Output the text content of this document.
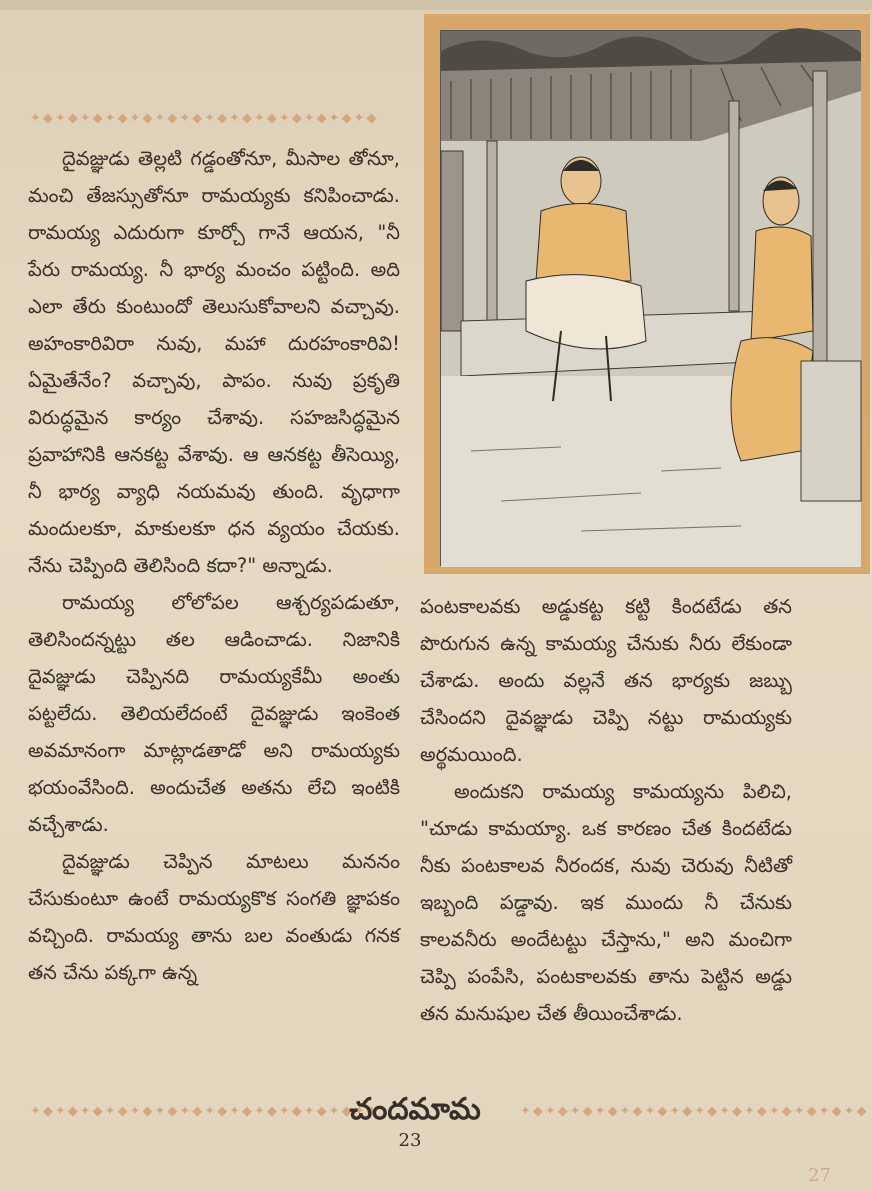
✦◆✦◆✦◆✦◆✦◆✦◆✦◆✦◆✦◆✦◆✦◆✦◆✦◆✦◆

దైవజ్ఞుడు తెల్లటి గడ్డంతోనూ, మీసాల తోనూ, మంచి తేజస్సుతోనూ రామయ్యకు కనిపించాడు. రామయ్య ఎదురుగా కూర్చో గానే ఆయన, "నీ పేరు రామయ్య. నీ భార్య మంచం పట్టింది. అది ఎలా తేరు కుంటుందో తెలుసుకోవాలని వచ్చావు. అహంకారివిరా నువు, మహా దురహంకారివి! ఏమైతేనేం? వచ్చావు, పాపం. నువు ప్రకృతి విరుద్ధమైన కార్యం చేశావు. సహజసిద్ధమైన ప్రవాహానికి ఆనకట్ట వేశావు. ఆ ఆనకట్ట తీసెయ్యి, నీ భార్య వ్యాధి నయమవు తుంది. వృధాగా మందులకూ, మాకులకూ ధన వ్యయం చేయకు. నేను చెప్పింది తెలిసింది కదా?" అన్నాడు.

రామయ్య లోలోపల ఆశ్చర్యపడుతూ, తెలిసిందన్నట్టు తల ఆడించాడు. నిజానికి దైవజ్ఞుడు చెప్పినది రామయ్యకేమీ అంతు పట్టలేదు. తెలియలేదంటే దైవజ్ఞుడు ఇంకెంత అవమానంగా మాట్లాడతాడో అని రామయ్యకు భయంవేసింది. అందుచేత అతను లేచి ఇంటికి వచ్చేశాడు.

దైవజ్ఞుడు చెప్పిన మాటలు మననం చేసుకుంటూ ఉంటే రామయ్యకొక సంగతి జ్ఞాపకం వచ్చింది. రామయ్య తాను బల వంతుడు గనక తన చేను పక్కగా ఉన్న

పంటకాలవకు అడ్డుకట్ట కట్టి కిందటేడు తన పొరుగున ఉన్న కామయ్య చేనుకు నీరు లేకుండా చేశాడు. అందు వల్లనే తన భార్యకు జబ్బు చేసిందని దైవజ్ఞుడు చెప్పి నట్టు రామయ్యకు అర్థమయింది.

అందుకని రామయ్య కామయ్యను పిలిచి, "చూడు కామయ్యా. ఒక కారణం చేత కిందటేడు నీకు పంటకాలవ నీరందక, నువు చెరువు నీటితో ఇబ్బంది పడ్డావు. ఇక ముందు నీ చేనుకు కాలవనీరు అందేటట్టు చేస్తాను," అని మంచిగా చెప్పి పంపేసి, పంటకాలవకు తాను పెట్టిన అడ్డు తన మనుషుల చేత తీయించేశాడు.

✦◆✦◆✦◆✦◆✦◆✦◆✦◆✦◆✦◆✦◆✦◆✦◆✦◆✦◆
చందమామ	✦◆✦◆✦◆✦◆✦◆✦◆✦◆✦◆✦◆✦◆✦◆✦◆✦◆✦◆
23
27
